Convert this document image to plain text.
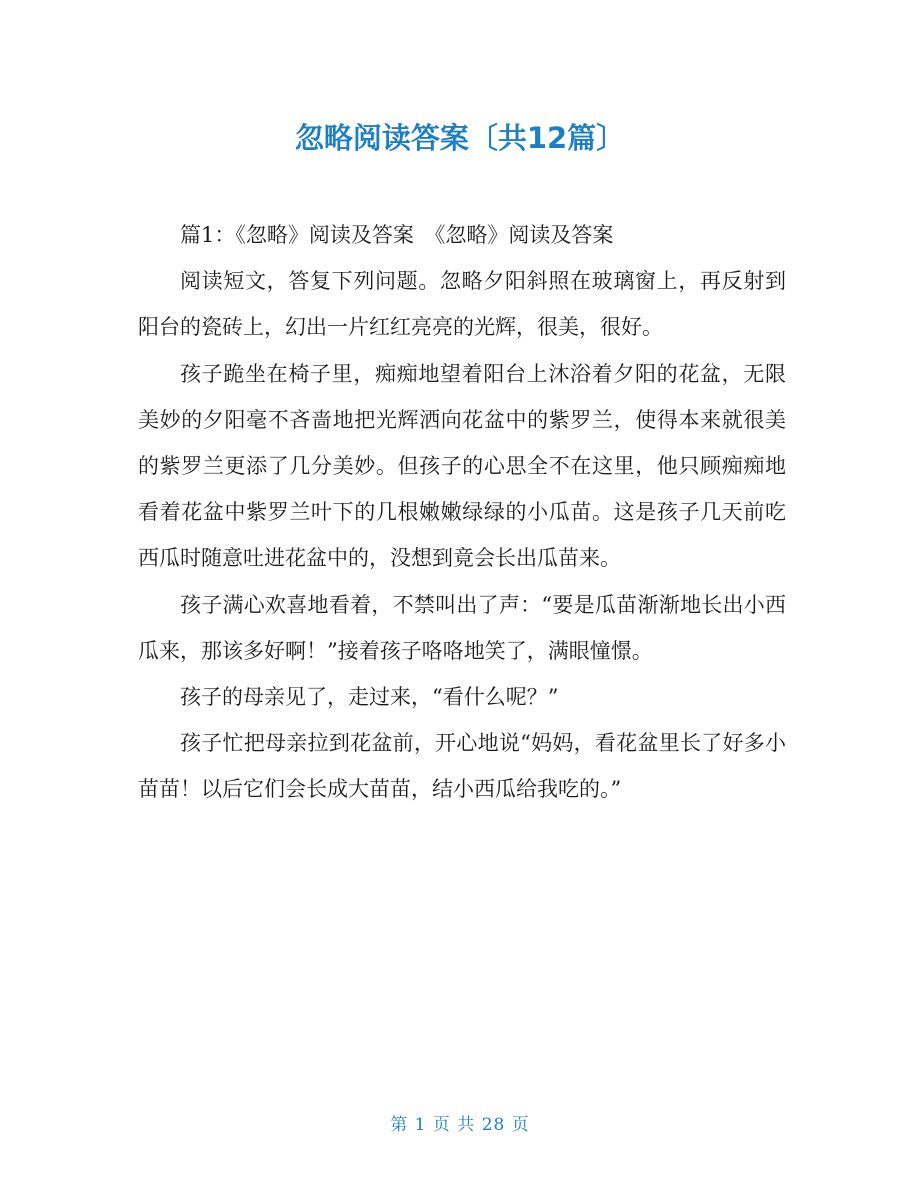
忽略阅读答案〔共12篇〕

篇1：《忽略》阅读及答案　《忽略》阅读及答案

阅读短文，答复下列问题。忽略夕阳斜照在玻璃窗上，再反射到阳台的瓷砖上，幻出一片红红亮亮的光辉，很美，很好。

孩子跪坐在椅子里，痴痴地望着阳台上沐浴着夕阳的花盆，无限美妙的夕阳毫不吝啬地把光辉洒向花盆中的紫罗兰，使得本来就很美的紫罗兰更添了几分美妙。但孩子的心思全不在这里，他只顾痴痴地看着花盆中紫罗兰叶下的几根嫩嫩绿绿的小瓜苗。这是孩子几天前吃西瓜时随意吐进花盆中的，没想到竟会长出瓜苗来。

孩子满心欢喜地看着，不禁叫出了声：“要是瓜苗渐渐地长出小西瓜来，那该多好啊！”接着孩子咯咯地笑了，满眼憧憬。

孩子的母亲见了，走过来，“看什么呢？”

孩子忙把母亲拉到花盆前，开心地说“妈妈，看花盆里长了好多小苗苗！以后它们会长成大苗苗，结小西瓜给我吃的。”

第 1 页 共 28 页
